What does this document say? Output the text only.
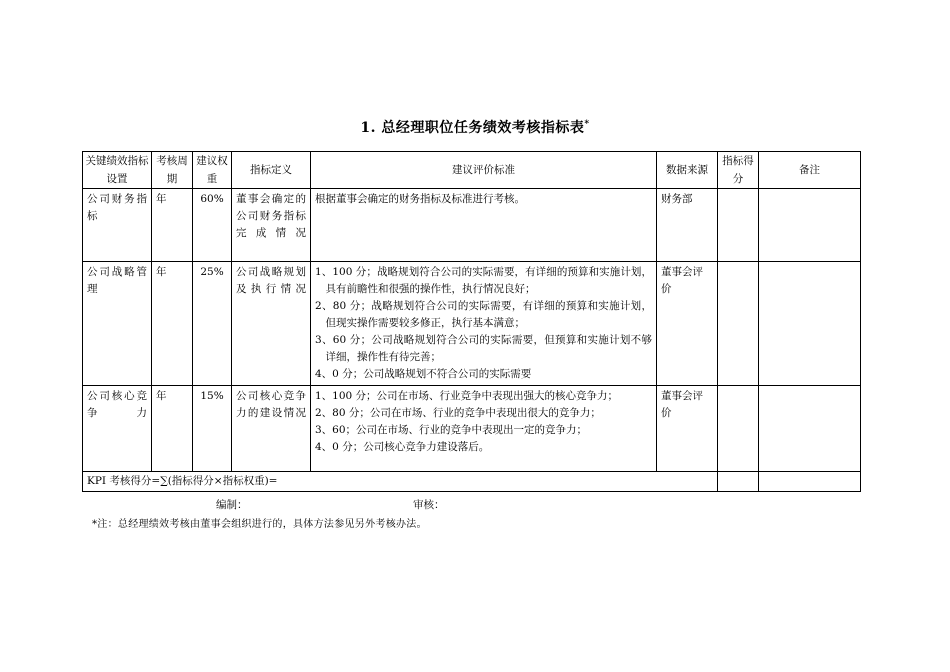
1. 总经理职位任务绩效考核指标表*
关键绩效指标设置	考核周期	建议权重	指标定义	建议评价标准	数据来源	指标得分	备注
公司财务指标	年	60%	董事会确定的公司财务指标完成情况	根据董事会确定的财务指标及标准进行考核。	财务部		
公司战略管理	年	25%	公司战略规划及执行情况	1、100 分；战略规划符合公司的实际需要，有详细的预算和实施计划，具有前瞻性和很强的操作性，执行情况良好；
2、80 分；战略规划符合公司的实际需要，有详细的预算和实施计划，但现实操作需要较多修正，执行基本满意；
3、60 分；公司战略规划符合公司的实际需要，但预算和实施计划不够详细，操作性有待完善；
4、0 分；公司战略规划不符合公司的实际需要	董事会评价		
公司核心竞争力	年	15%	公司核心竞争力的建设情况	1、100 分；公司在市场、行业竞争中表现出强大的核心竞争力；
2、80 分；公司在市场、行业的竞争中表现出很大的竞争力；
3、60；公司在市场、行业的竞争中表现出一定的竞争力；
4、0 分；公司核心竞争力建设落后。	董事会评价		
KPI 考核得分=∑(指标得分×指标权重)=							
编制：	审核：
*注：总经理绩效考核由董事会组织进行的，具体方法参见另外考核办法。
